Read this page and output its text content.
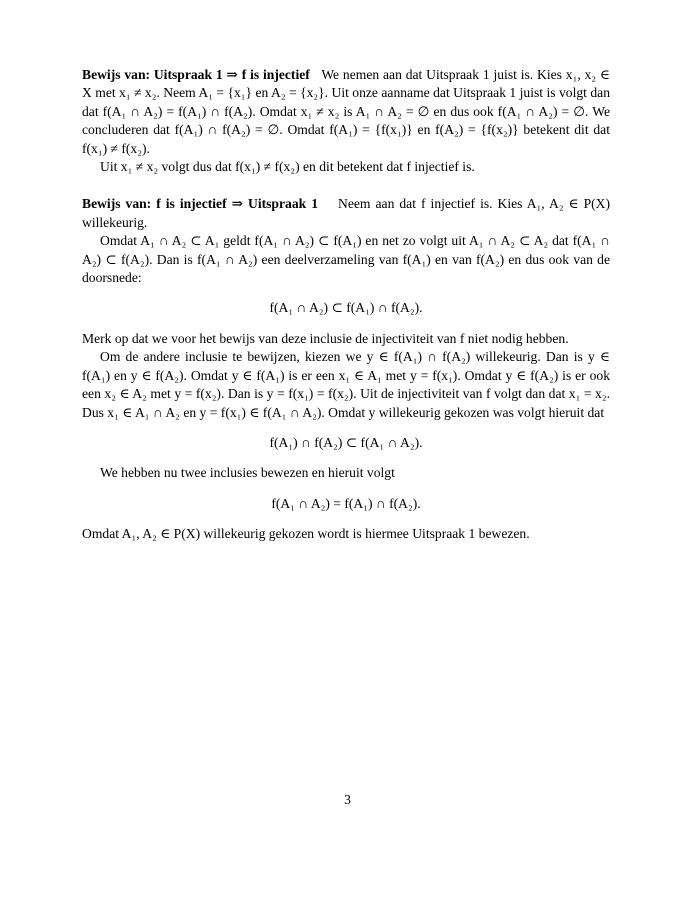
Bewijs van: Uitspraak 1 ⇒ f is injectief We nemen aan dat Uitspraak 1 juist is. Kies x₁, x₂ ∈ X met x₁ ≠ x₂. Neem A₁ = {x₁} en A₂ = {x₂}. Uit onze aanname dat Uitspraak 1 juist is volgt dan dat f(A₁ ∩ A₂) = f(A₁) ∩ f(A₂). Omdat x₁ ≠ x₂ is A₁ ∩ A₂ = ∅ en dus ook f(A₁ ∩ A₂) = ∅. We concluderen dat f(A₁) ∩ f(A₂) = ∅. Omdat f(A₁) = {f(x₁)} en f(A₂) = {f(x₂)} betekent dit dat f(x₁) ≠ f(x₂).

Uit x₁ ≠ x₂ volgt dus dat f(x₁) ≠ f(x₂) en dit betekent dat f injectief is.

Bewijs van: f is injectief ⇒ Uitspraak 1 Neem aan dat f injectief is. Kies A₁, A₂ ∈ P(X) willekeurig.

Omdat A₁ ∩ A₂ ⊂ A₁ geldt f(A₁ ∩ A₂) ⊂ f(A₁) en net zo volgt uit A₁ ∩ A₂ ⊂ A₂ dat f(A₁ ∩ A₂) ⊂ f(A₂). Dan is f(A₁ ∩ A₂) een deelverzameling van f(A₁) en van f(A₂) en dus ook van de doorsnede:

f(A₁ ∩ A₂) ⊂ f(A₁) ∩ f(A₂).

Merk op dat we voor het bewijs van deze inclusie de injectiviteit van f niet nodig hebben.

Om de andere inclusie te bewijzen, kiezen we y ∈ f(A₁) ∩ f(A₂) willekeurig. Dan is y ∈ f(A₁) en y ∈ f(A₂). Omdat y ∈ f(A₁) is er een x₁ ∈ A₁ met y = f(x₁). Omdat y ∈ f(A₂) is er ook een x₂ ∈ A₂ met y = f(x₂). Dan is y = f(x₁) = f(x₂). Uit de injectiviteit van f volgt dan dat x₁ = x₂. Dus x₁ ∈ A₁ ∩ A₂ en y = f(x₁) ∈ f(A₁ ∩ A₂). Omdat y willekeurig gekozen was volgt hieruit dat

f(A₁) ∩ f(A₂) ⊂ f(A₁ ∩ A₂).

We hebben nu twee inclusies bewezen en hieruit volgt

f(A₁ ∩ A₂) = f(A₁) ∩ f(A₂).

Omdat A₁, A₂ ∈ P(X) willekeurig gekozen wordt is hiermee Uitspraak 1 bewezen.

3
